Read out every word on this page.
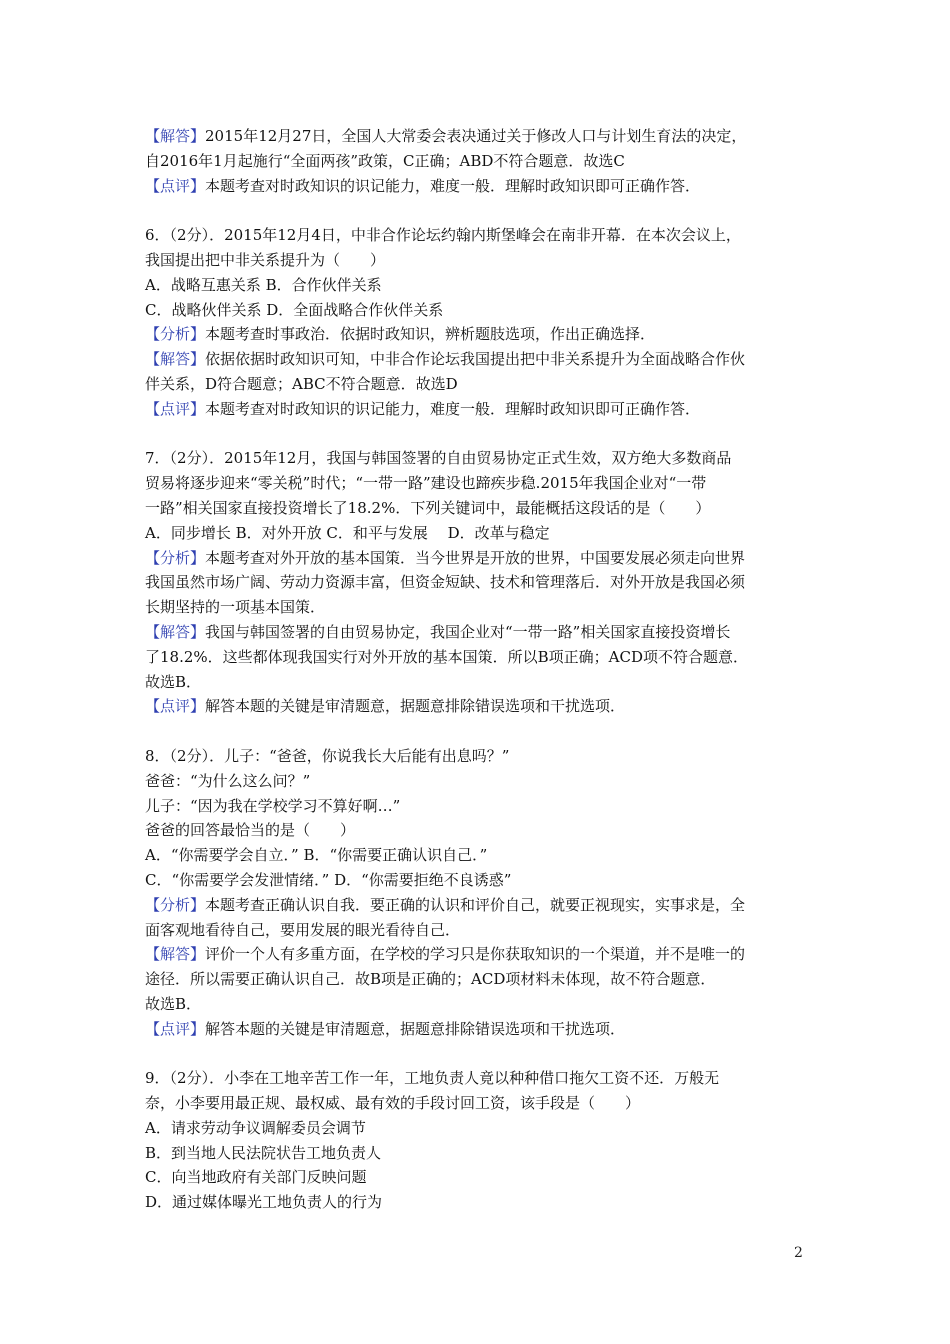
【解答】2015年12月27日，全国人大常委会表决通过关于修改人口与计划生育法的决定，
自2016年1月起施行“全面两孩”政策，C正确；ABD不符合题意．故选C
【点评】本题考查对时政知识的识记能力，难度一般．理解时政知识即可正确作答．
6．（2分）．2015年12月4日，中非合作论坛约翰内斯堡峰会在南非开幕．在本次会议上，
我国提出把中非关系提升为（　　）
A．战略互惠关系 B．合作伙伴关系
C．战略伙伴关系 D．全面战略合作伙伴关系
【分析】本题考查时事政治．依据时政知识，辨析题肢选项，作出正确选择．
【解答】依据依据时政知识可知，中非合作论坛我国提出把中非关系提升为全面战略合作伙
伴关系，D符合题意；ABC不符合题意．故选D
【点评】本题考查对时政知识的识记能力，难度一般．理解时政知识即可正确作答．
7．（2分）．2015年12月，我国与韩国签署的自由贸易协定正式生效，双方绝大多数商品
贸易将逐步迎来“零关税”时代；“一带一路”建设也蹄疾步稳.2015年我国企业对“一带
一路”相关国家直接投资增长了18.2%．下列关键词中，最能概括这段话的是（　　）
A．同步增长 B．对外开放 C．和平与发展　 D．改革与稳定
【分析】本题考查对外开放的基本国策．当今世界是开放的世界，中国要发展必须走向世界
我国虽然市场广阔、劳动力资源丰富，但资金短缺、技术和管理落后．对外开放是我国必须
长期坚持的一项基本国策．
【解答】我国与韩国签署的自由贸易协定，我国企业对“一带一路”相关国家直接投资增长
了18.2%．这些都体现我国实行对外开放的基本国策．所以B项正确；ACD项不符合题意．
故选B．
【点评】解答本题的关键是审清题意，据题意排除错误选项和干扰选项．
8．（2分）．儿子：“爸爸，你说我长大后能有出息吗？”
爸爸：“为什么这么问？”
儿子：“因为我在学校学习不算好啊…”
爸爸的回答最恰当的是（　　）
A．“你需要学会自立．” B．“你需要正确认识自己．”
C．“你需要学会发泄情绪．” D．“你需要拒绝不良诱惑”
【分析】本题考查正确认识自我．要正确的认识和评价自己，就要正视现实，实事求是，全
面客观地看待自己，要用发展的眼光看待自己．
【解答】评价一个人有多重方面，在学校的学习只是你获取知识的一个渠道，并不是唯一的
途径．所以需要正确认识自己．故B项是正确的；ACD项材料未体现，故不符合题意．
故选B．
【点评】解答本题的关键是审清题意，据题意排除错误选项和干扰选项．
9．（2分）．小李在工地辛苦工作一年，工地负责人竟以种种借口拖欠工资不还．万般无
奈，小李要用最正规、最权威、最有效的手段讨回工资，该手段是（　　）
A．请求劳动争议调解委员会调节
B．到当地人民法院状告工地负责人
C．向当地政府有关部门反映问题
D．通过媒体曝光工地负责人的行为
2
